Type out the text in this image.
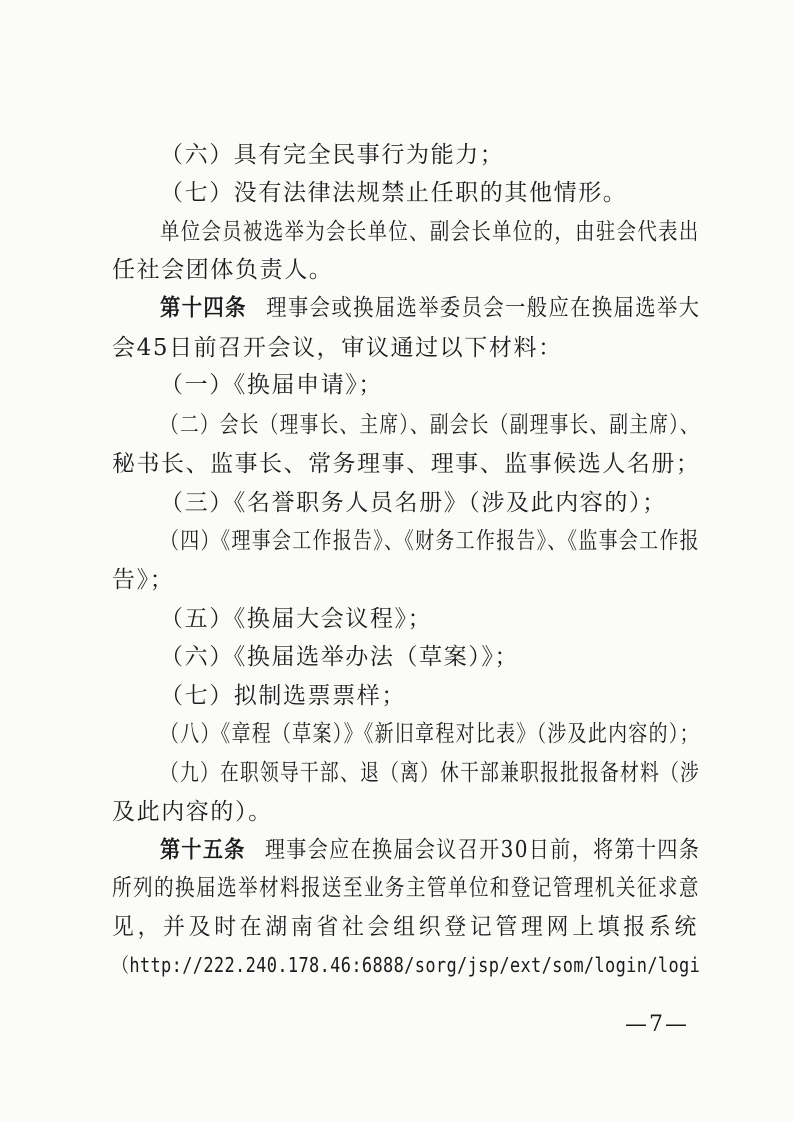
（六）具有完全民事行为能力；
（七）没有法律法规禁止任职的其他情形。
单位会员被选举为会长单位、副会长单位的，由驻会代表出
任社会团体负责人。
第十四条 理事会或换届选举委员会一般应在换届选举大
会45日前召开会议，审议通过以下材料：
（一）《换届申请》；
（二）会长（理事长、主席）、副会长（副理事长、副主席）、
秘书长、监事长、常务理事、理事、监事候选人名册；
（三）《名誉职务人员名册》（涉及此内容的）；
（四）《理事会工作报告》、《财务工作报告》、《监事会工作报
告》；
（五）《换届大会议程》；
（六）《换届选举办法（草案）》；
（七）拟制选票票样；
（八）《章程（草案）》《新旧章程对比表》（涉及此内容的）；
（九）在职领导干部、退（离）休干部兼职报批报备材料（涉
及此内容的）。
第十五条 理事会应在换届会议召开30日前，将第十四条
所列的换届选举材料报送至业务主管单位和登记管理机关征求意
见，并及时在湖南省社会组织登记管理网上填报系统
（http://222.240.178.46:6888/sorg/jsp/ext/som/login/logi
—7—
